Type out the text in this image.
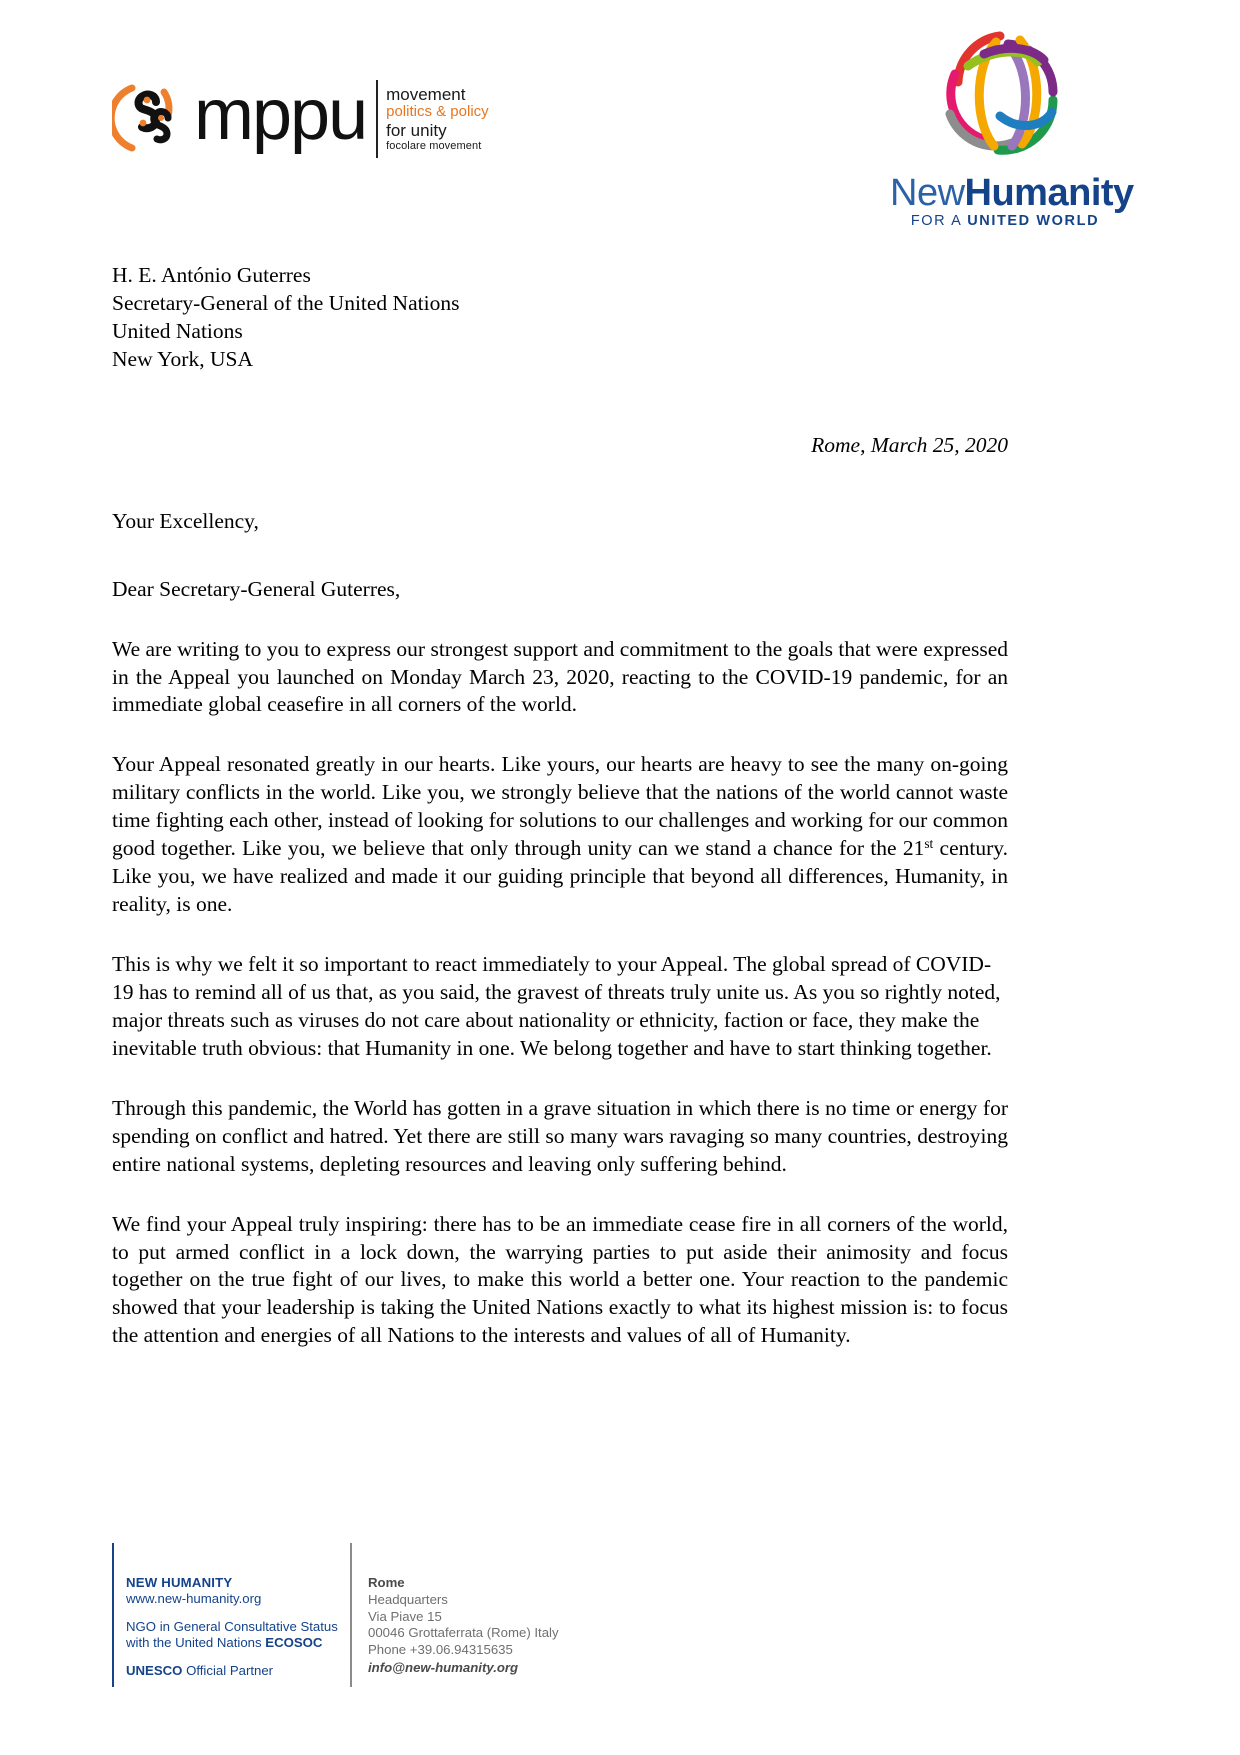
mppu movement
politics & policy
for unity
focolare movement
NewHumanity
FOR A UNITED WORLD
H. E. António Guterres
Secretary-General of the United Nations
United Nations
New York, USA
Rome, March 25, 2020
Your Excellency,
Dear Secretary-General Guterres,

We are writing to you to express our strongest support and commitment to the goals that were expressed in the Appeal you launched on Monday March 23, 2020, reacting to the COVID-19 pandemic, for an immediate global ceasefire in all corners of the world.

Your Appeal resonated greatly in our hearts. Like yours, our hearts are heavy to see the many on-going military conflicts in the world. Like you, we strongly believe that the nations of the world cannot waste time fighting each other, instead of looking for solutions to our challenges and working for our common good together. Like you, we believe that only through unity can we stand a chance for the 21st century. Like you, we have realized and made it our guiding principle that beyond all differences, Humanity, in reality, is one.

This is why we felt it so important to react immediately to your Appeal. The global spread of COVID-19 has to remind all of us that, as you said, the gravest of threats truly unite us. As you so rightly noted, major threats such as viruses do not care about nationality or ethnicity, faction or face, they make the inevitable truth obvious: that Humanity in one. We belong together and have to start thinking together.

Through this pandemic, the World has gotten in a grave situation in which there is no time or energy for spending on conflict and hatred. Yet there are still so many wars ravaging so many countries, destroying entire national systems, depleting resources and leaving only suffering behind.

We find your Appeal truly inspiring: there has to be an immediate cease fire in all corners of the world, to put armed conflict in a lock down, the warrying parties to put aside their animosity and focus together on the true fight of our lives, to make this world a better one. Your reaction to the pandemic showed that your leadership is taking the United Nations exactly to what its highest mission is: to focus the attention and energies of all Nations to the interests and values of all of Humanity.

NEW HUMANITY
www.new-humanity.org
NGO in General Consultative Status
with the United Nations ECOSOC
UNESCO Official Partner
Rome
Headquarters
Via Piave 15
00046 Grottaferrata (Rome) Italy
Phone +39.06.94315635
info@new-humanity.org
